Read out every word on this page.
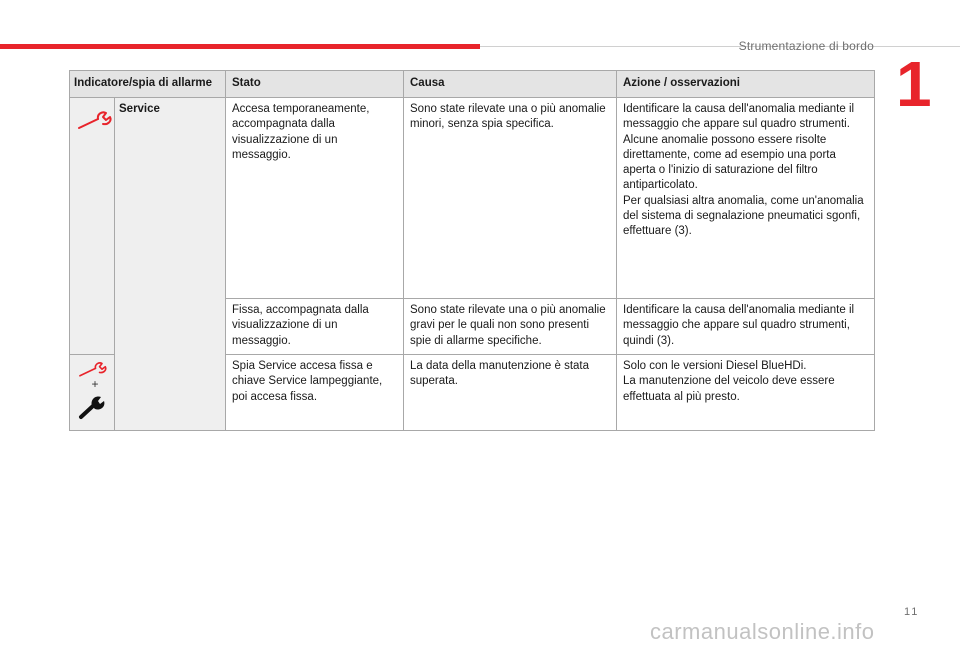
Strumentazione di bordo
1
Indicatore/spia di allarme		Stato	Causa	Azione / osservazioni

	Service	Accesa temporaneamente, accompagnata dalla visualizzazione di un messaggio.	Sono state rilevate una o più anomalie minori, senza spia specifica.	Identificare la causa dell'anomalia mediante il messaggio che appare sul quadro strumenti.
Alcune anomalie possono essere risolte direttamente, come ad esempio una porta aperta o l'inizio di saturazione del filtro antiparticolato.
Per qualsiasi altra anomalia, come un'anomalia del sistema di segnalazione pneumatici sgonfi, effettuare (3).

		Fissa, accompagnata dalla visualizzazione di un messaggio.	Sono state rilevate una o più anomalie gravi per le quali non sono presenti spie di allarme specifiche.	Identificare la causa dell'anomalia mediante il messaggio che appare sul quadro strumenti, quindi (3).

+		Spia Service accesa fissa e chiave Service lampeggiante, poi accesa fissa.	La data della manutenzione è stata superata.	Solo con le versioni Diesel BlueHDi.
La manutenzione del veicolo deve essere effettuata al più presto.
11
carmanualsonline.info
